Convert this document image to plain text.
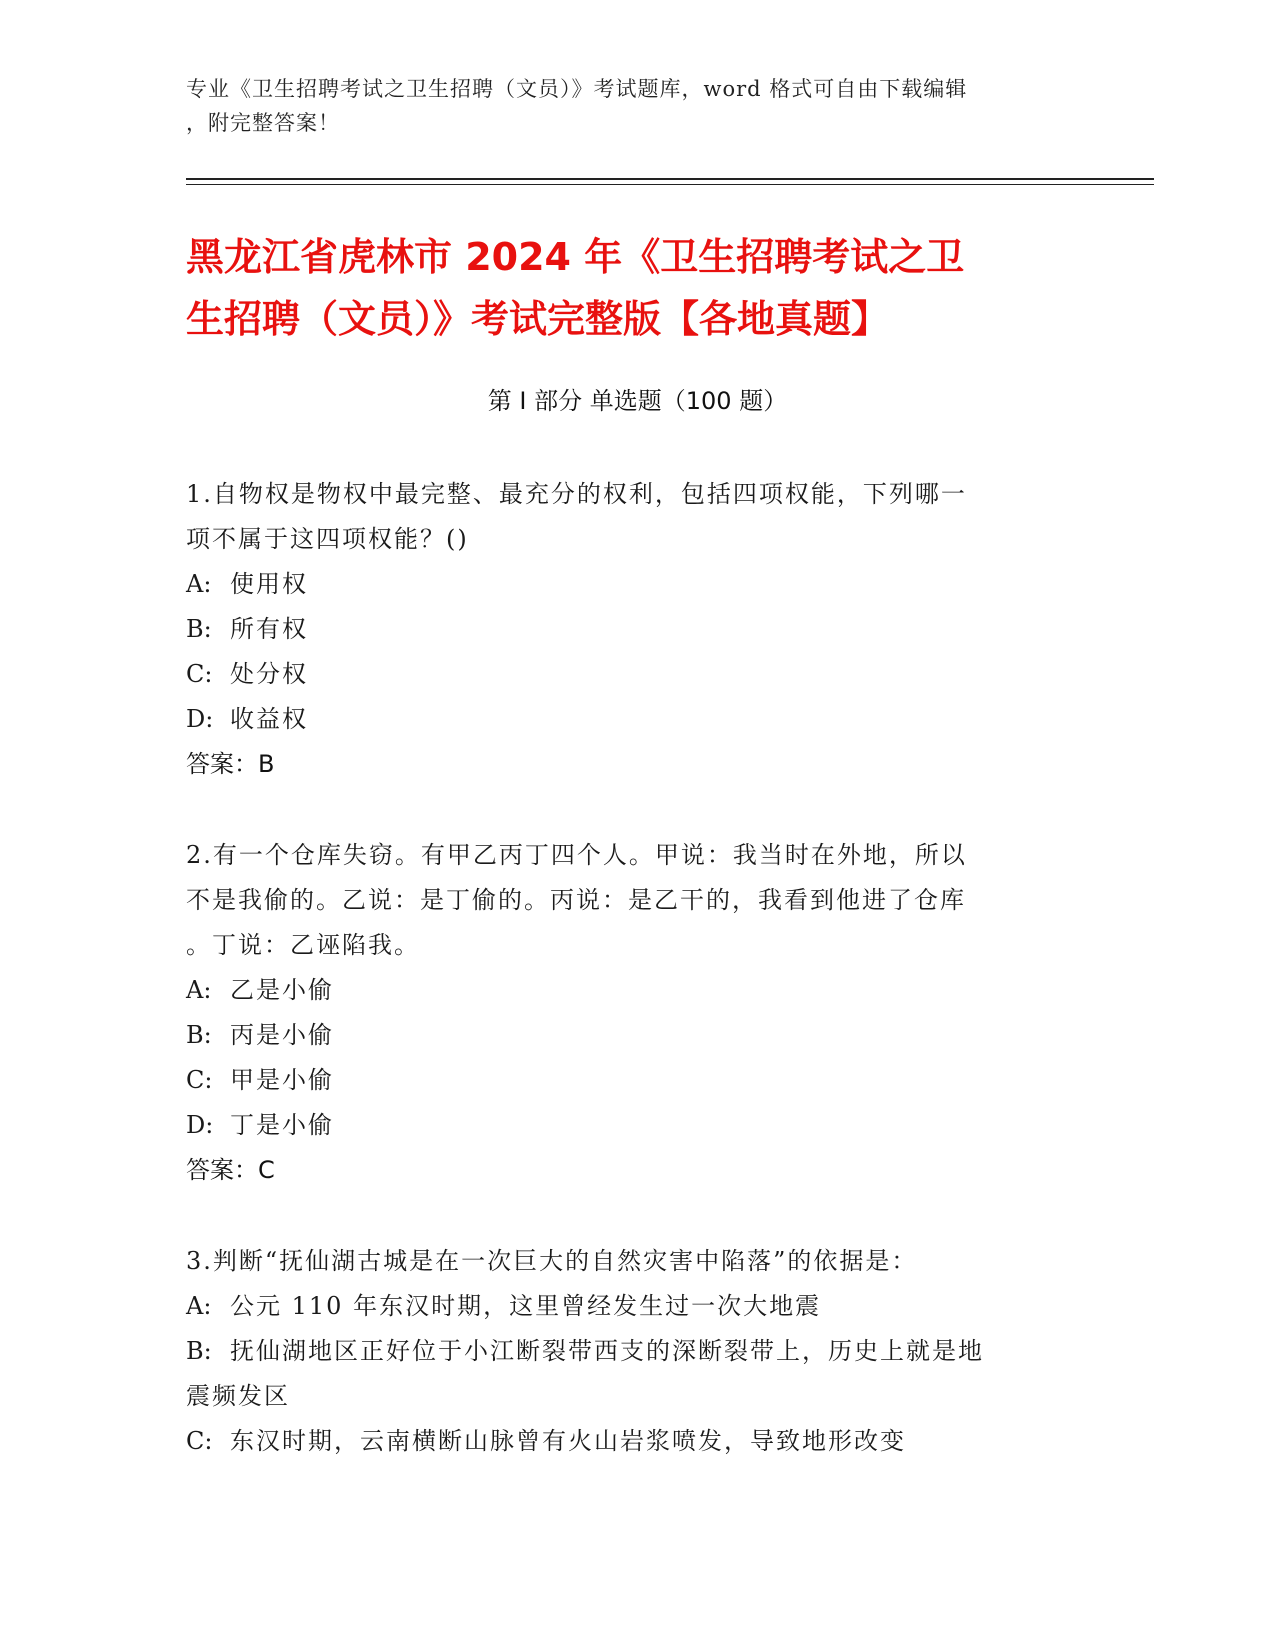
专业《卫生招聘考试之卫生招聘（文员）》考试题库，word 格式可自由下载编辑
，附完整答案！
黑龙江省虎林市 2024 年《卫生招聘考试之卫
生招聘（文员）》考试完整版【各地真题】
第 I 部分 单选题（100 题）
1.自物权是物权中最完整、最充分的权利，包括四项权能，下列哪一
项不属于这四项权能？()
A: 使用权
B: 所有权
C: 处分权
D: 收益权
答案：B
2.有一个仓库失窃。有甲乙丙丁四个人。甲说：我当时在外地，所以
不是我偷的。乙说：是丁偷的。丙说：是乙干的，我看到他进了仓库
。丁说：乙诬陷我。
A: 乙是小偷
B: 丙是小偷
C: 甲是小偷
D: 丁是小偷
答案：C
3.判断“抚仙湖古城是在一次巨大的自然灾害中陷落”的依据是：
A: 公元 110 年东汉时期，这里曾经发生过一次大地震
B: 抚仙湖地区正好位于小江断裂带西支的深断裂带上，历史上就是地
震频发区
C: 东汉时期，云南横断山脉曾有火山岩浆喷发，导致地形改变
